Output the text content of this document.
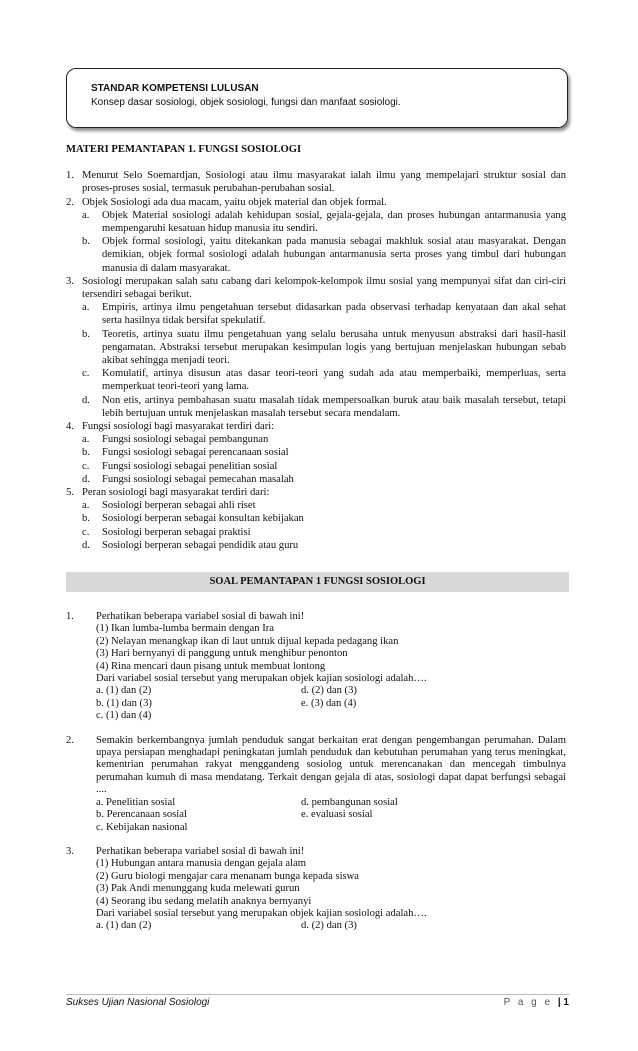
STANDAR KOMPETENSI LULUSAN
Konsep dasar sosiologi, objek sosiologi, fungsi dan manfaat sosiologi.

MATERI PEMANTAPAN 1. FUNGSI SOSIOLOGI

1. Menurut Selo Soemardjan, Sosiologi atau ilmu masyarakat ialah ilmu yang mempelajari struktur sosial dan proses-proses sosial, termasuk perubahan-perubahan sosial.
2. Objek Sosiologi ada dua macam, yaitu objek material dan objek formal.
a.	Objek Material sosiologi adalah kehidupan sosial, gejala-gejala, dan proses hubungan antarmanusia yang mempengaruhi kesatuan hidup manusia itu sendiri.
b.	Objek formal sosiologi, yaitu ditekankan pada manusia sebagai makhluk sosial atau masyarakat. Dengan demikian, objek formal sosiologi adalah hubungan antarmanusia serta proses yang timbul dari hubungan manusia di dalam masyarakat.
3. Sosiologi merupakan salah satu cabang dari kelompok-kelompok ilmu sosial yang mempunyai sifat dan ciri-ciri tersendiri sebagai berikut.
a.	Empiris, artinya ilmu pengetahuan tersebut didasarkan pada observasi terhadap kenyataan dan akal sehat serta hasilnya tidak bersifat spekulatif.
b.	Teoretis, artinya suatu ilmu pengetahuan yang selalu berusaha untuk menyusun abstraksi dari hasil-hasil pengamatan. Abstraksi tersebut merupakan kesimpulan logis yang bertujuan menjelaskan hubungan sebab akibat sehingga menjadi teori.
c.	Komulatif, artinya disusun atas dasar teori-teori yang sudah ada atau memperbaiki, memperluas, serta memperkuat teori-teori yang lama.
d.	Non etis, artinya pembahasan suatu masalah tidak mempersoalkan buruk atau baik masalah tersebut, tetapi lebih bertujuan untuk menjelaskan masalah tersebut secara mendalam.
4. Fungsi sosiologi bagi masyarakat terdiri dari:
a.	Fungsi sosiologi sebagai pembangunan
b.	Fungsi sosiologi sebagai perencanaan sosial
c.	Fungsi sosiologi sebagai penelitian sosial
d.	Fungsi sosiologi sebagai pemecahan masalah
5. Peran sosiologi bagi masyarakat terdiri dari:
a.	Sosiologi berperan sebagai ahli riset
b.	Sosiologi berperan sebagai konsultan kebijakan
c.	Sosiologi berperan sebagai praktisi
d.	Sosiologi berperan sebagai pendidik atau guru
SOAL PEMANTAPAN 1 FUNGSI SOSIOLOGI
1.	Perhatikan beberapa variabel sosial di bawah ini!
(1) Ikan lumba-lumba bermain dengan Ira
(2) Nelayan menangkap ikan di laut untuk dijual kepada pedagang ikan
(3) Hari bernyanyi di panggung untuk menghibur penonton
(4) Rina mencari daun pisang untuk membuat lontong
Dari variabel sosial tersebut yang merupakan objek kajian sosiologi adalah….
a. (1) dan (2)	d. (2) dan (3)
b. (1) dan (3)	e. (3) dan (4)
c. (1) dan (4)
2.	Semakin berkembangnya jumlah penduduk sangat berkaitan erat dengan pengembangan perumahan. Dalam upaya persiapan menghadapi peningkatan jumlah penduduk dan kebutuhan perumahan yang terus meningkat, kementrian perumahan rakyat menggandeng sosiolog untuk merencanakan dan mencegah timbulnya perumahan kumuh di masa mendatang. Terkait dengan gejala di atas, sosiologi dapat dapat berfungsi sebagai ....
a. Penelitian sosial	d. pembangunan sosial
b. Perencanaan sosial	e. evaluasi sosial
c. Kebijakan nasional
3.	Perhatikan beberapa variabel sosial di bawah ini!
(1) Hubungan antara manusia dengan gejala alam
(2) Guru biologi mengajar cara menanam bunga kepada siswa
(3) Pak Andi menunggang kuda melewati gurun
(4) Seorang ibu sedang melatih anaknya bernyanyi
Dari variabel sosial tersebut yang merupakan objek kajian sosiologi adalah….
a. (1) dan (2)	d. (2) dan (3)
Sukses Ujian Nasional Sosiologi	P a g e | 1
